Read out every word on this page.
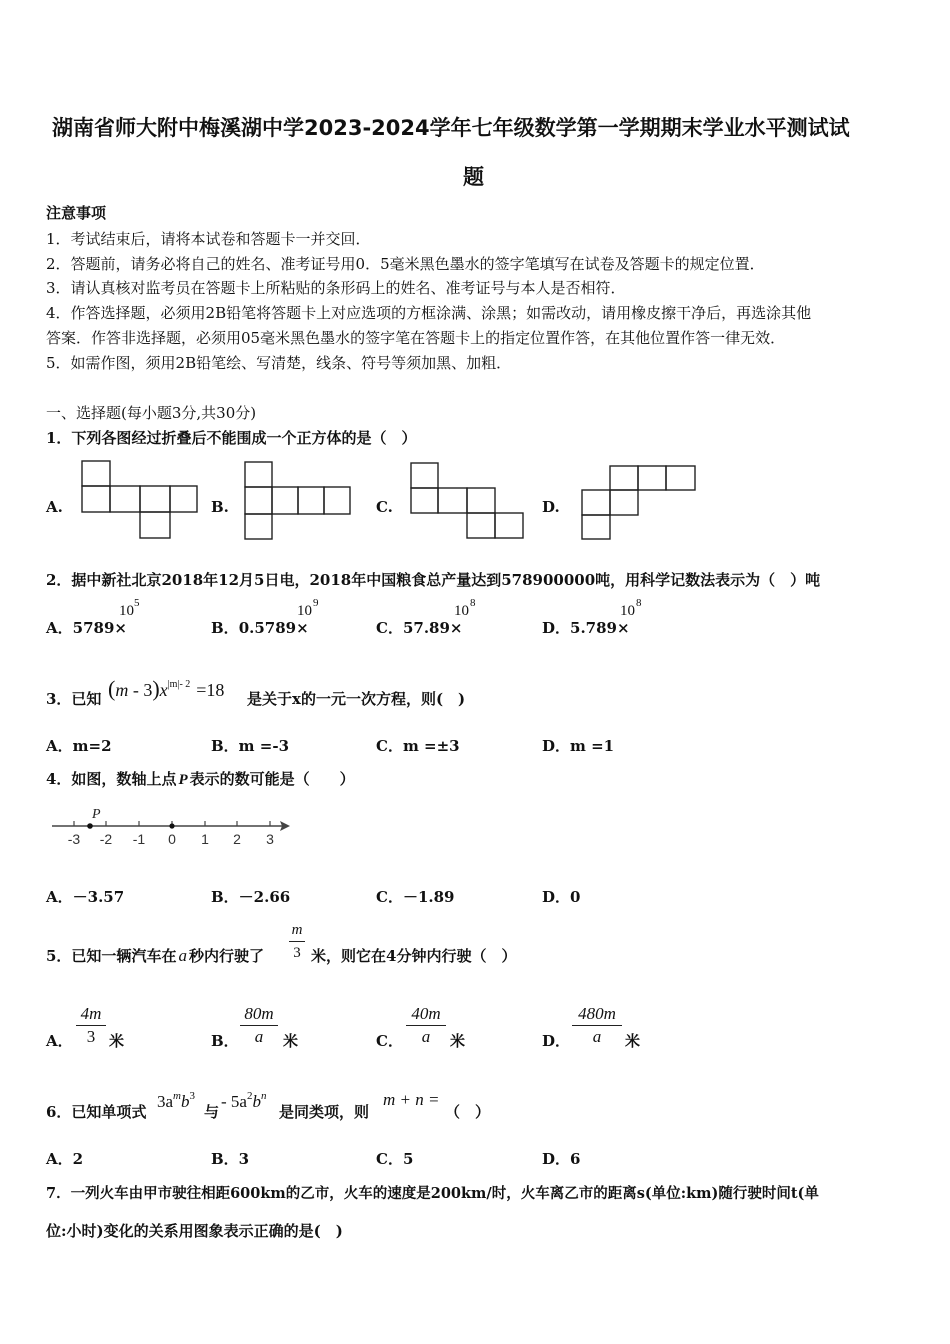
湖南省师大附中梅溪湖中学2023-2024学年七年级数学第一学期期末学业水平测试试
题
注意事项
1．考试结束后，请将本试卷和答题卡一并交回．
2．答题前，请务必将自己的姓名、准考证号用0．5毫米黑色墨水的签字笔填写在试卷及答题卡的规定位置．
3．请认真核对监考员在答题卡上所粘贴的条形码上的姓名、准考证号与本人是否相符．
4．作答选择题，必须用2B铅笔将答题卡上对应选项的方框涂满、涂黑；如需改动，请用橡皮擦干净后，再选涂其他
答案．作答非选择题，必须用05毫米黑色墨水的签字笔在答题卡上的指定位置作答，在其他位置作答一律无效．
5．如需作图，须用2B铅笔绘、写清楚，线条、符号等须加黑、加粗．
一、选择题(每小题3分,共30分)
1．下列各图经过折叠后不能围成一个正方体的是（　）
A.	B.	C.	D.
2．据中新社北京2018年12月5日电，2018年中国粮食总产量达到578900000吨，用科学记数法表示为（　）吨
A．5789×
10 5
B．0.5789×
10 9
C．57.89×
10 8
D．5.789×
10 8
3．已知 $(m - 3)x^{|m|- 2} =18$ 是关于x的一元一次方程，则(　)
A．m=2	B．m =-3	C．m =±3	D．m =1
4．如图，数轴上点 P 表示的数可能是（　　）
P
-3 -2 -1 0 1 2 3
A．－3.57	B．－2.66	C．－1.89	D．0
5．已知一辆汽车在 a 秒内行驶了
m
3 米，则它在4分钟内行驶（　）
A．
4m
3 米	B．
80m
a	米	C．
40m
a	米	D．
480m
a	米
6．已知单项式
$3a^mb^3$
与
- $5a^2b^n$
是同类项，则
m + n =
（　）
A．2	B．3	C．5	D．6
7．一列火车由甲市驶往相距600km的乙市，火车的速度是200km/时，火车离乙市的距离s(单位:km)随行驶时间t(单
位:小时)变化的关系用图象表示正确的是(　)
